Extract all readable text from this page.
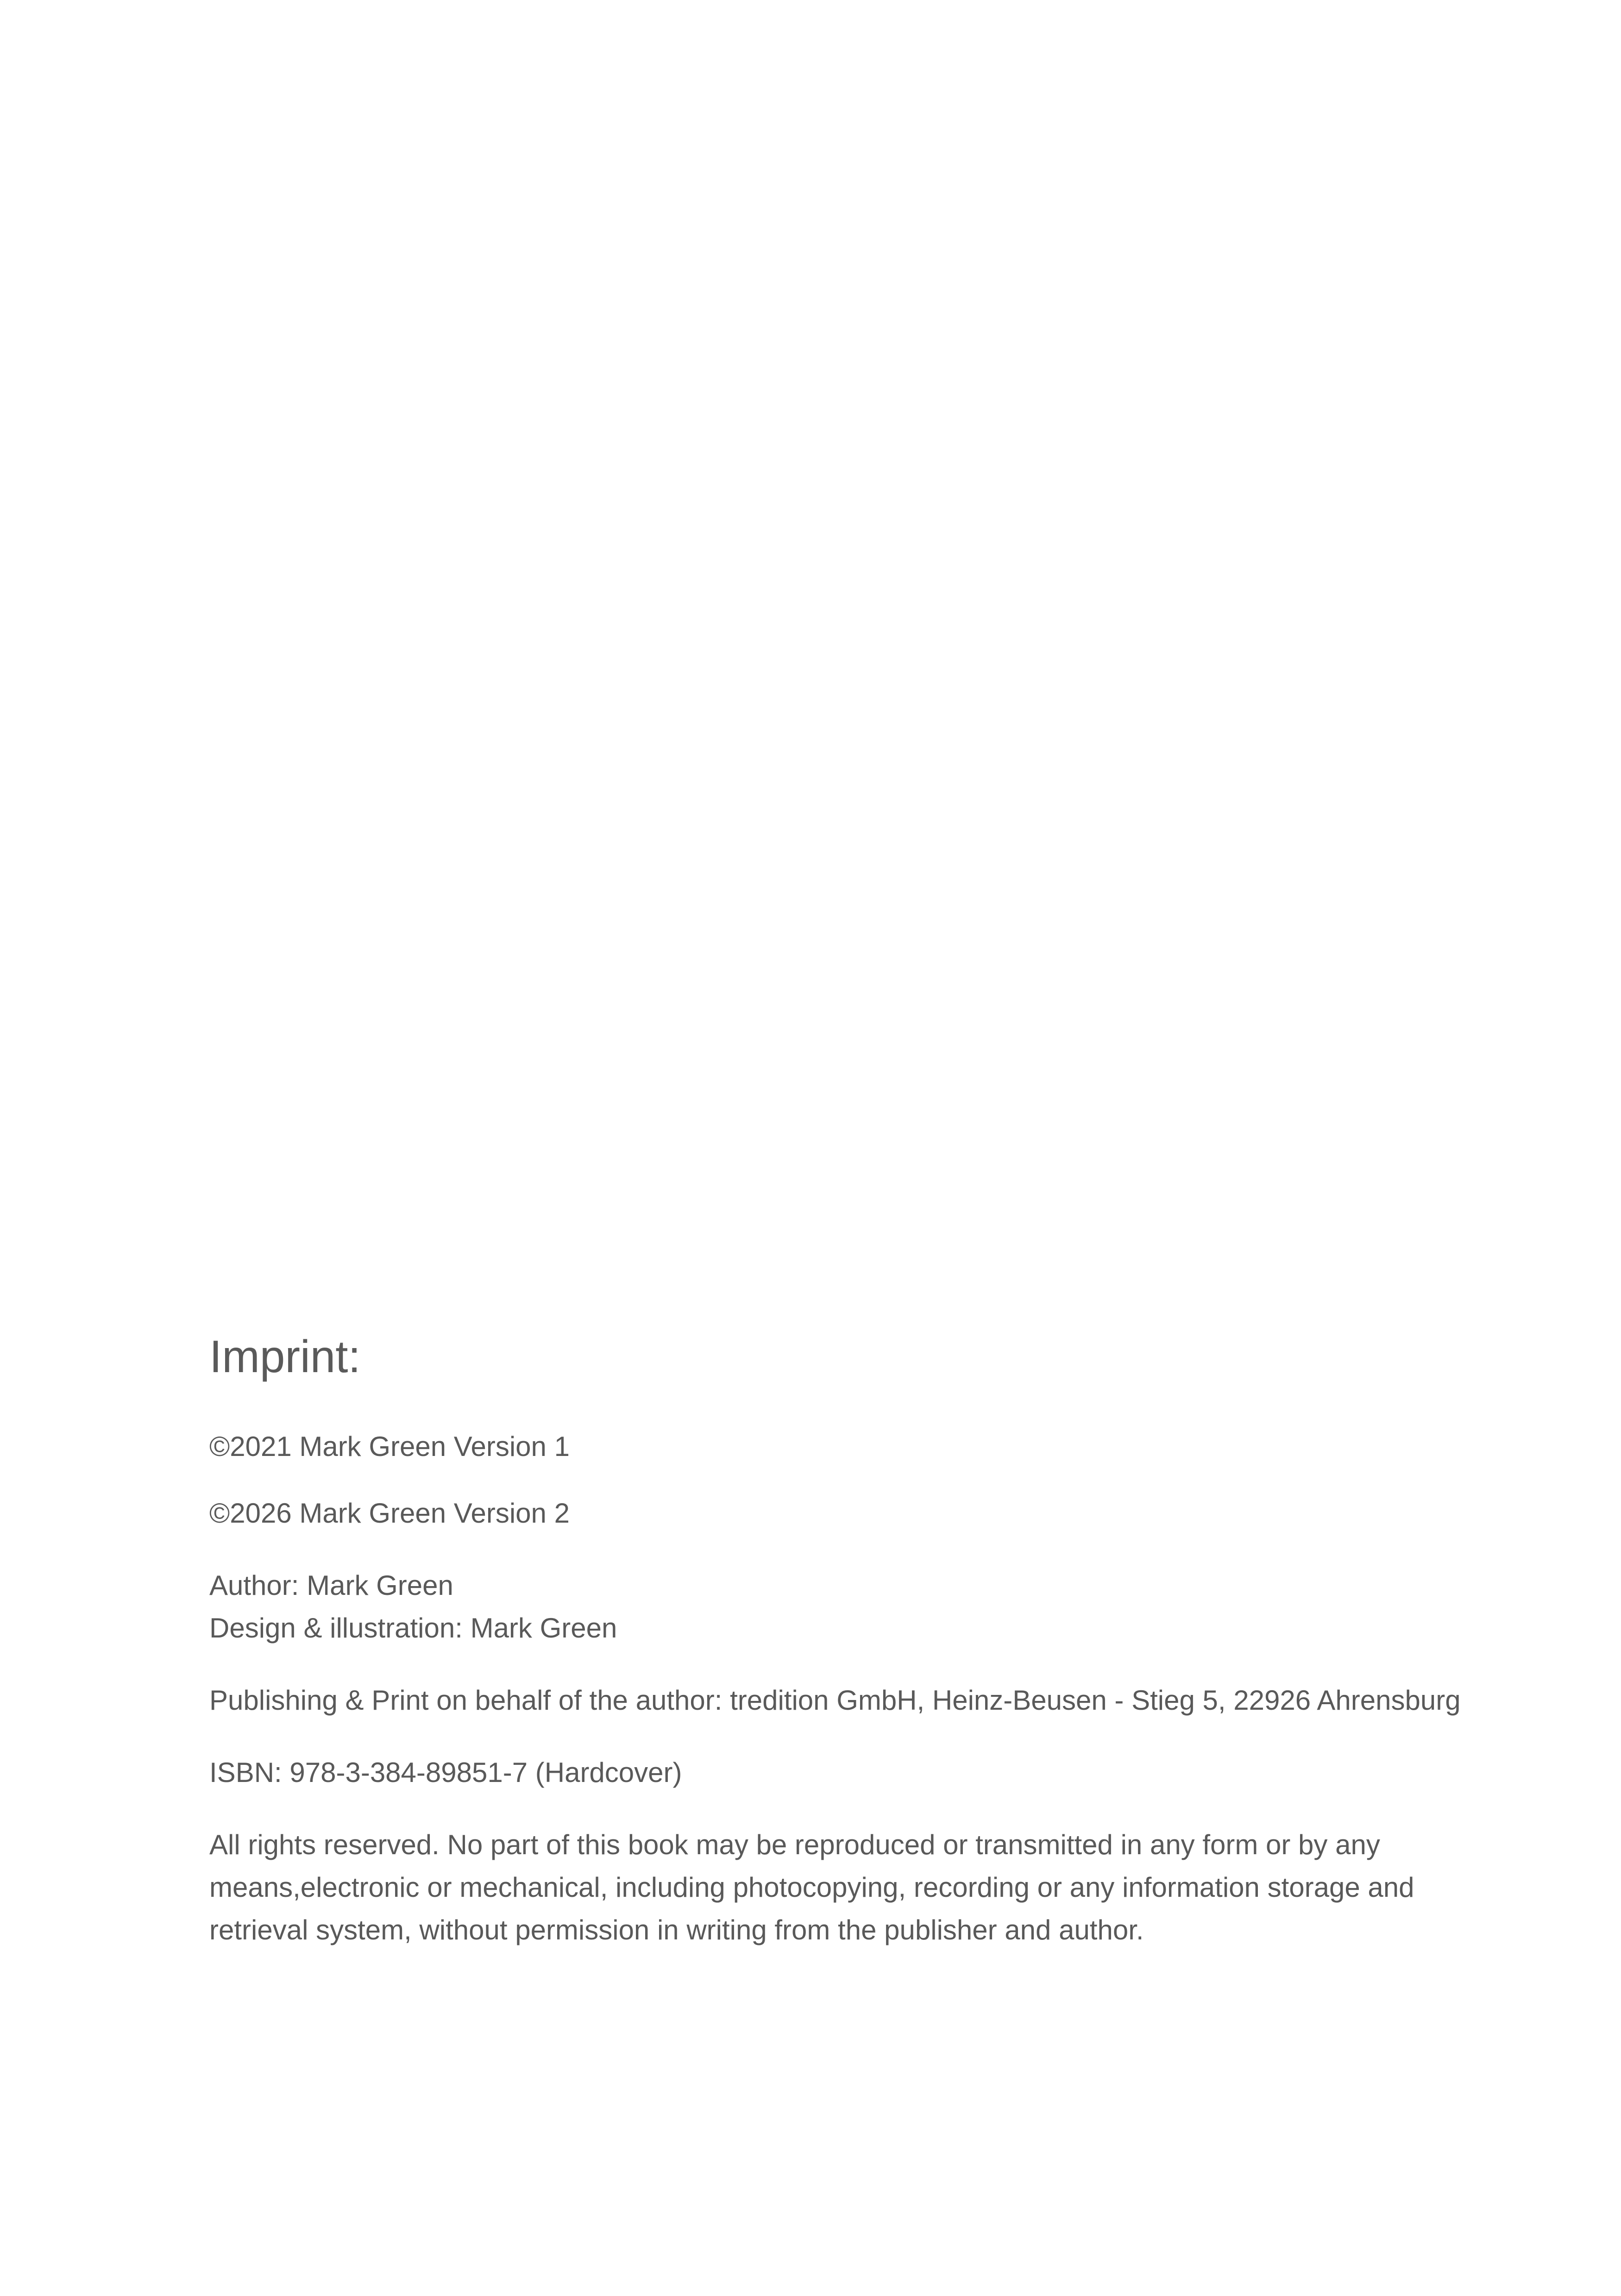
Imprint:

©2021 Mark Green Version 1

©2026 Mark Green Version 2

Author: Mark Green

Design & illustration: Mark Green

Publishing & Print on behalf of the author: tredition GmbH, Heinz-Beusen - Stieg 5, 22926 Ahrensburg

ISBN: 978-3-384-89851-7 (Hardcover)

All rights reserved. No part of this book may be reproduced or transmitted in any form or by any means,electronic or mechanical, including photocopying, recording or any information storage and retrieval system, without permission in writing from the publisher and author.
